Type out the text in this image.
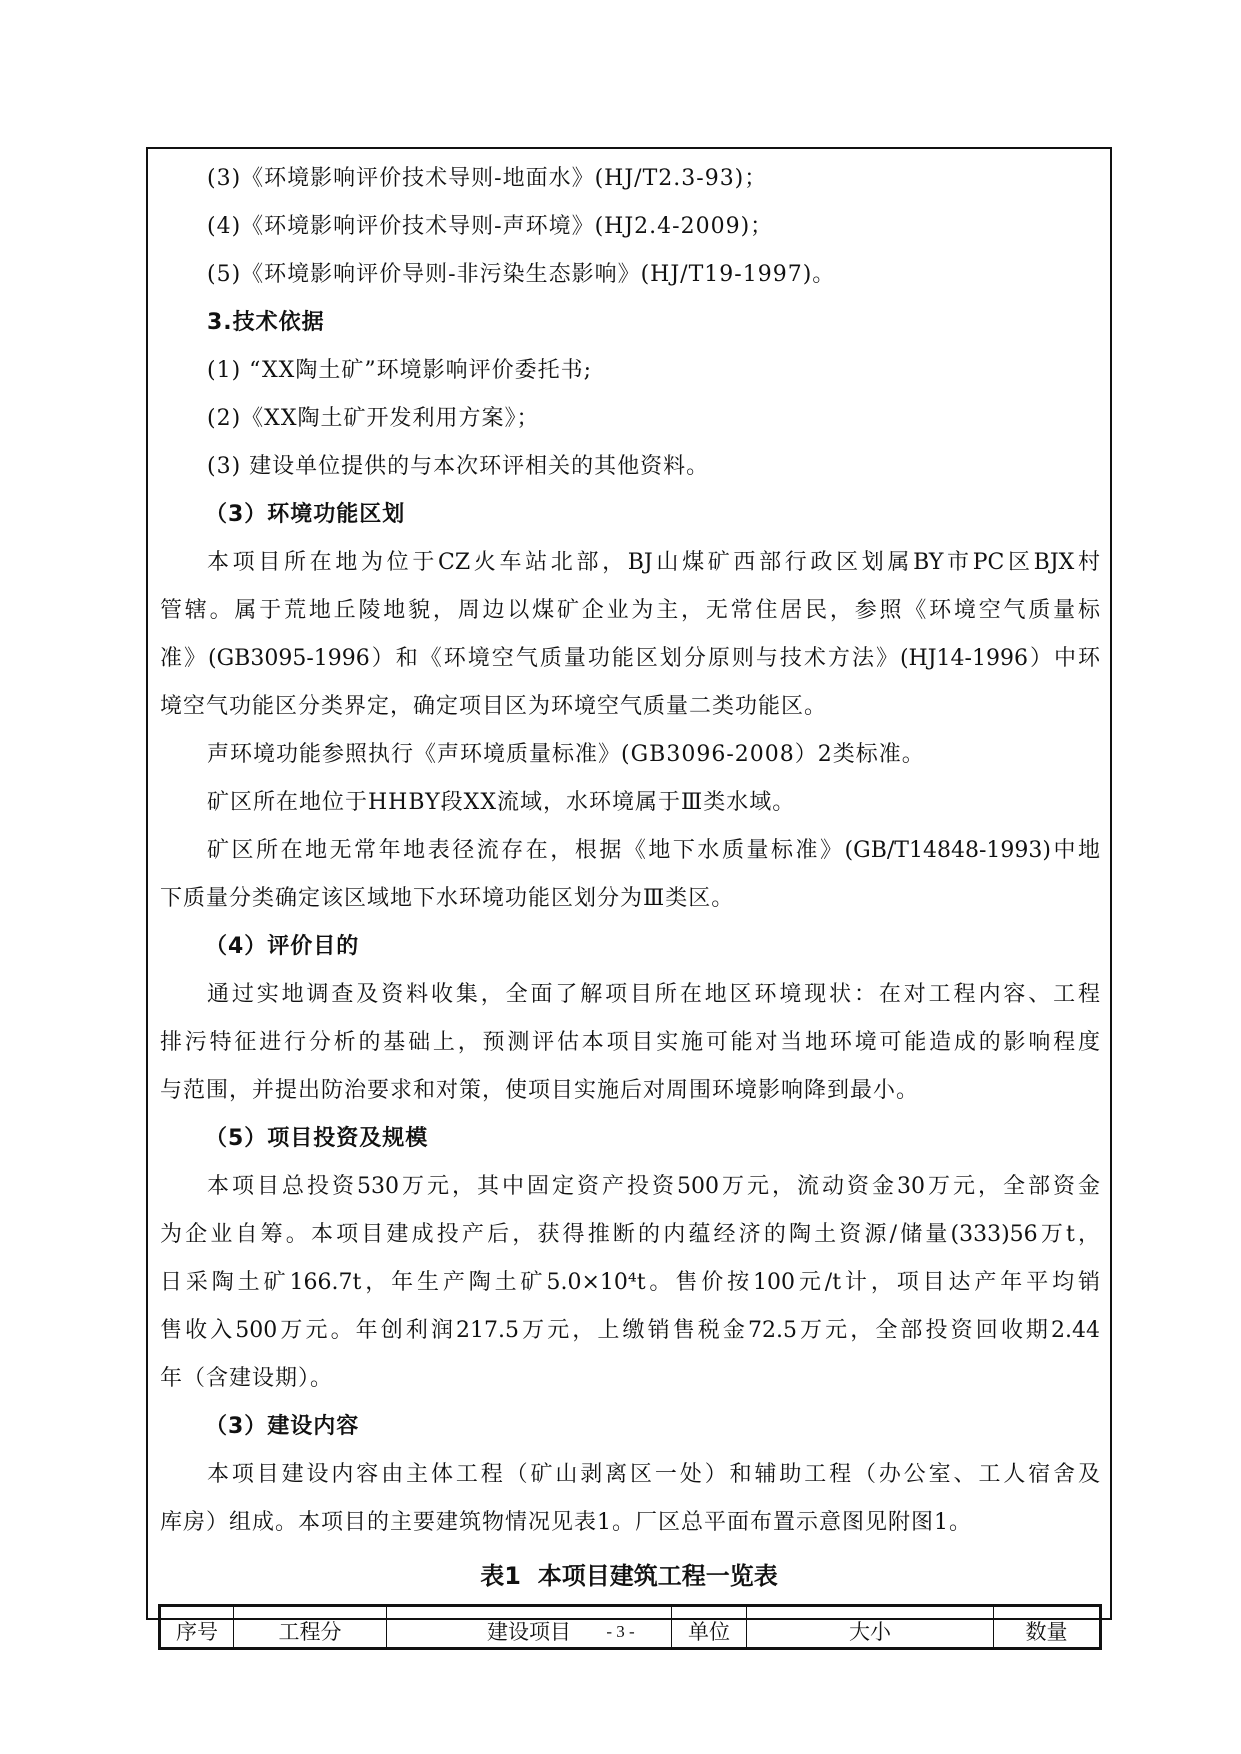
(3)《环境影响评价技术导则-地面水》(HJ/T2.3-93)；
(4)《环境影响评价技术导则-声环境》(HJ2.4-2009)；
(5)《环境影响评价导则-非污染生态影响》(HJ/T19-1997)。
3.技术依据
(1) “XX陶土矿”环境影响评价委托书;
(2)《XX陶土矿开发利用方案》；
(3) 建设单位提供的与本次环评相关的其他资料。
（3）环境功能区划
本项目所在地为位于CZ火车站北部，BJ山煤矿西部行政区划属BY市PC区BJX村
管辖。属于荒地丘陵地貌，周边以煤矿企业为主，无常住居民，参照《环境空气质量标
准》(GB3095-1996）和《环境空气质量功能区划分原则与技术方法》(HJ14-1996）中环
境空气功能区分类界定，确定项目区为环境空气质量二类功能区。
声环境功能参照执行《声环境质量标准》(GB3096-2008）2类标准。
矿区所在地位于HHBY段XX流域，水环境属于Ⅲ类水域。
矿区所在地无常年地表径流存在，根据《地下水质量标准》(GB/T14848-1993)中地
下质量分类确定该区域地下水环境功能区划分为Ⅲ类区。
（4）评价目的
通过实地调查及资料收集，全面了解项目所在地区环境现状：在对工程内容、工程
排污特征进行分析的基础上，预测评估本项目实施可能对当地环境可能造成的影响程度
与范围，并提出防治要求和对策，使项目实施后对周围环境影响降到最小。
（5）项目投资及规模
本项目总投资530万元，其中固定资产投资500万元，流动资金30万元，全部资金
为企业自筹。本项目建成投产后，获得推断的内蕴经济的陶土资源/储量(333)56万t，
日采陶土矿166.7t，年生产陶土矿5.0×10⁴t。售价按100元/t计，项目达产年平均销
售收入500万元。年创利润217.5万元，上缴销售税金72.5万元，全部投资回收期2.44
年（含建设期）。
（3）建设内容
本项目建设内容由主体工程（矿山剥离区一处）和辅助工程（办公室、工人宿舍及
库房）组成。本项目的主要建筑物情况见表1。厂区总平面布置示意图见附图1。
表1  本项目建筑工程一览表
序号	工程分	建设项目	单位	大小	数量
- 3 -
